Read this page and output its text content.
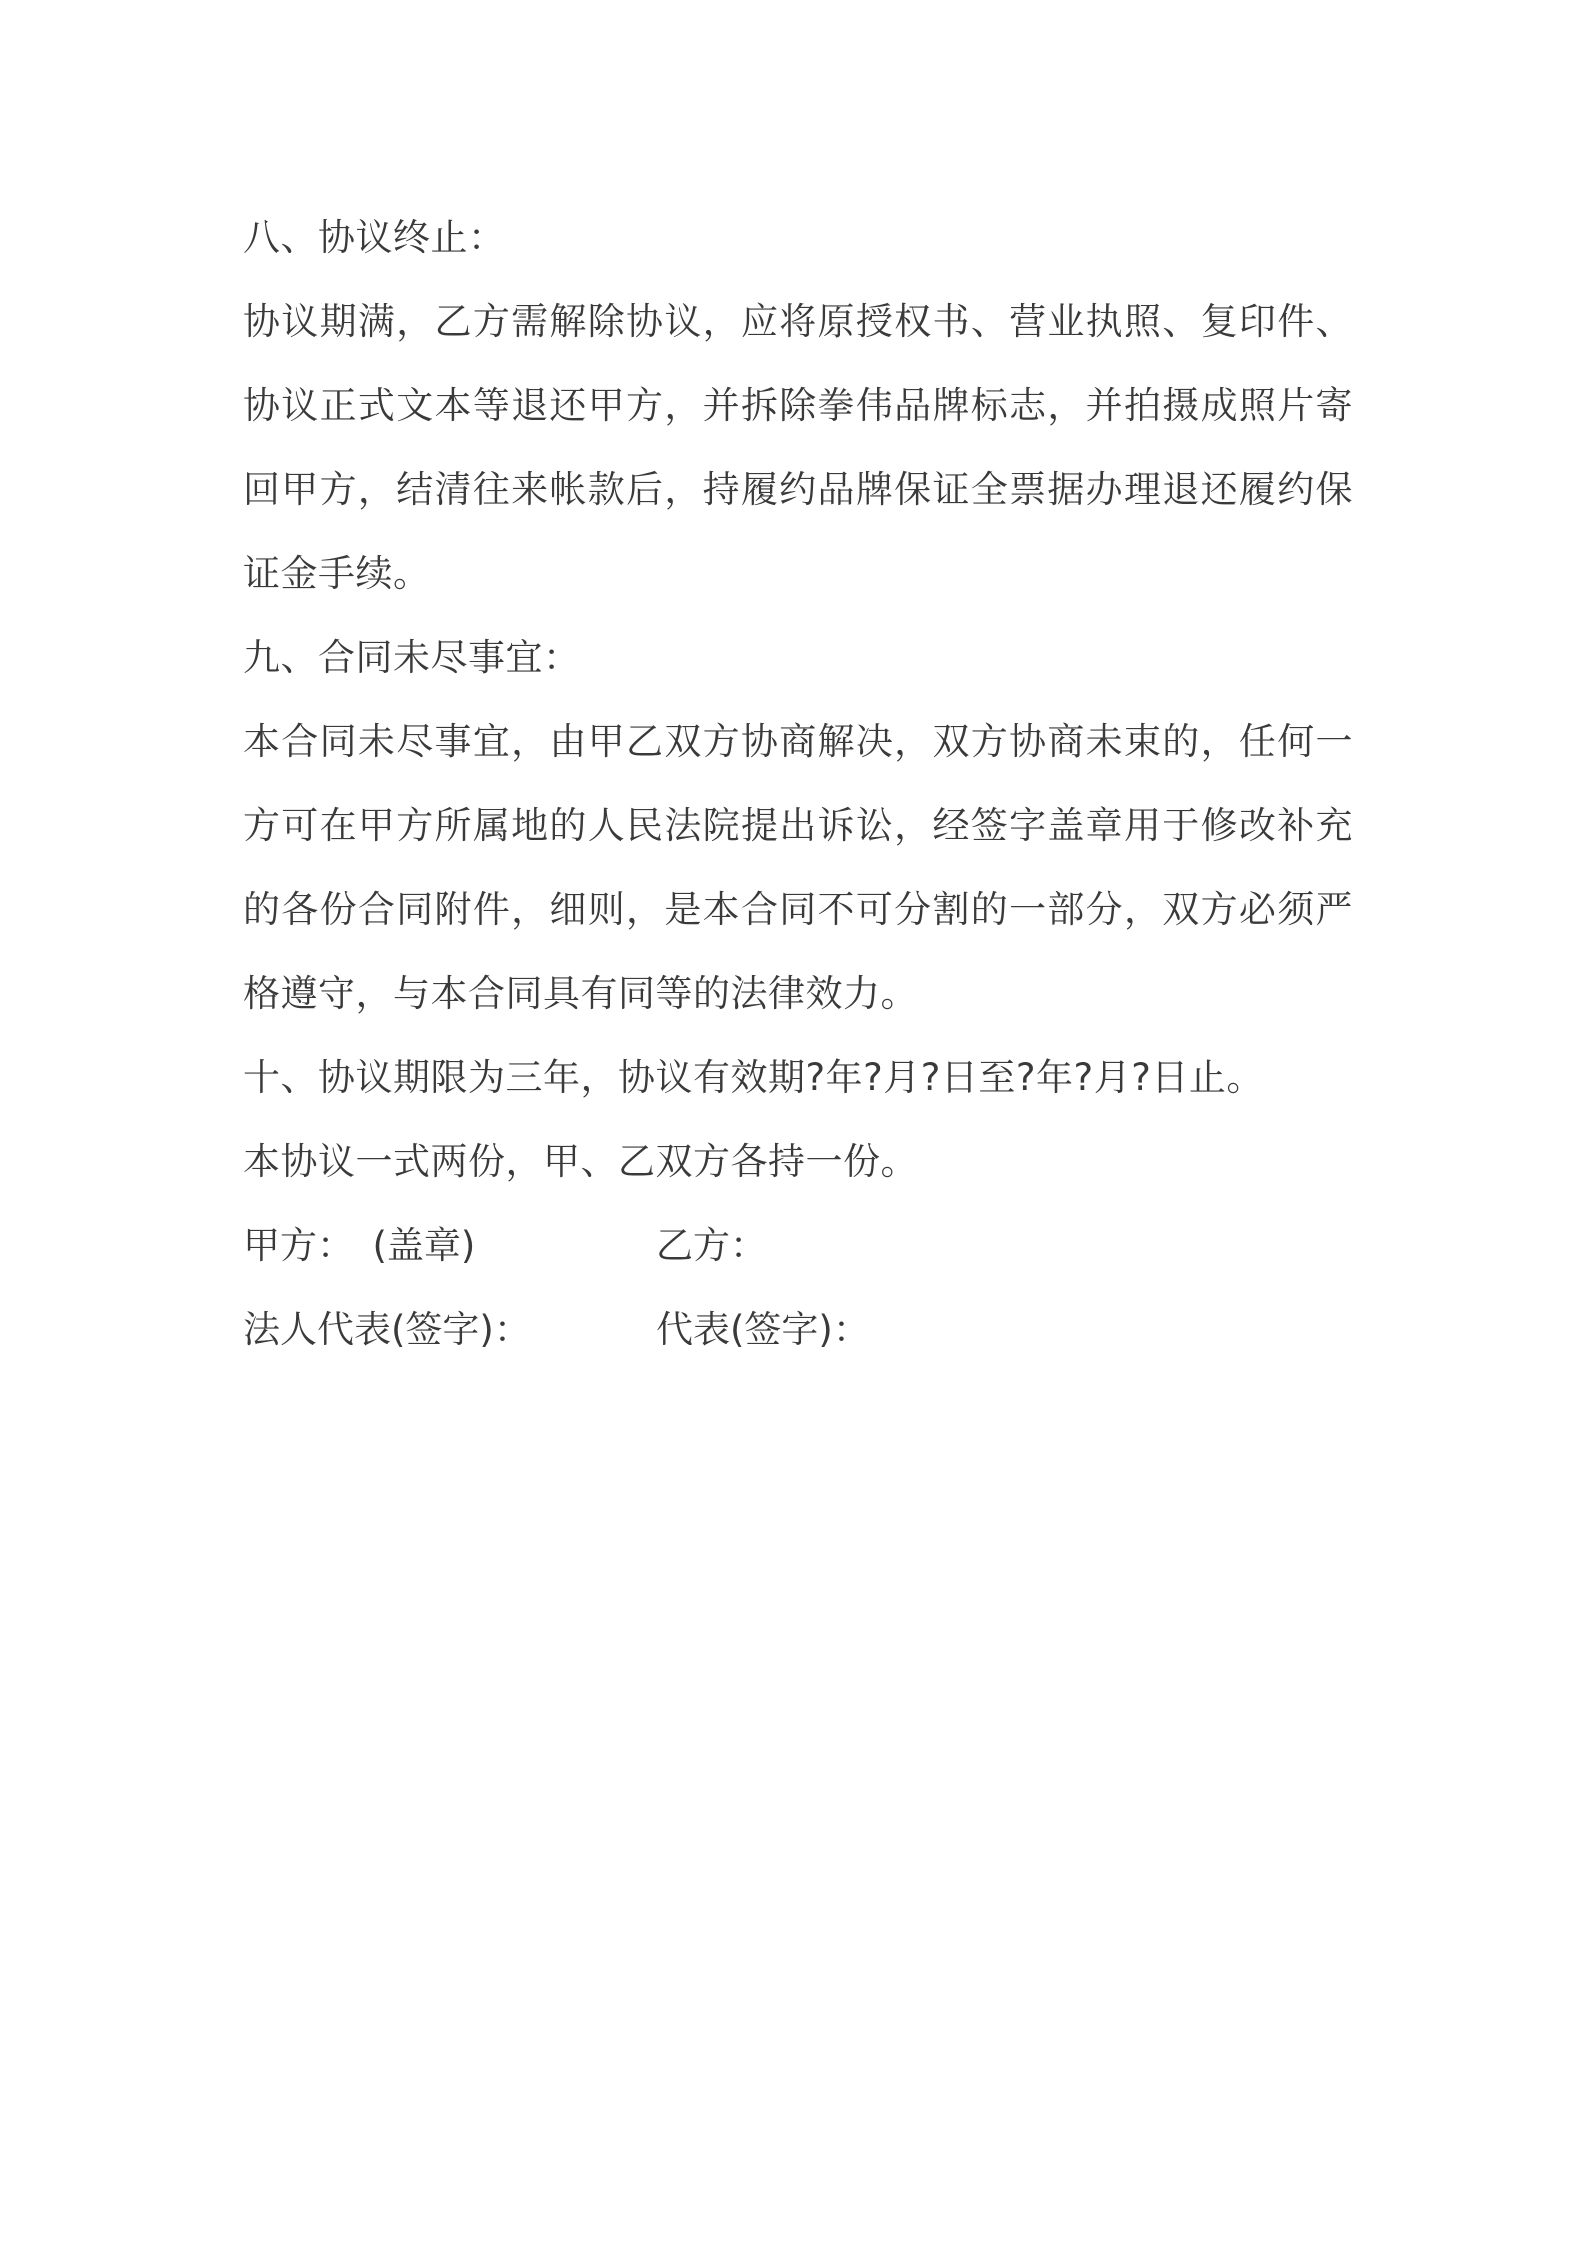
八、协议终止：
协议期满，乙方需解除协议，应将原授权书、营业执照、复印件、协议正式文本等退还甲方，并拆除拳伟品牌标志，并拍摄成照片寄回甲方，结清往来帐款后，持履约品牌保证全票据办理退还履约保证金手续。
九、合同未尽事宜：
本合同未尽事宜，由甲乙双方协商解决，双方协商未束的，任何一方可在甲方所属地的人民法院提出诉讼，经签字盖章用于修改补充的各份合同附件，细则，是本合同不可分割的一部分，双方必须严格遵守，与本合同具有同等的法律效力。
十、协议期限为三年，协议有效期?年?月?日至?年?月?日止。
本协议一式两份，甲、乙双方各持一份。
甲方：　(盖章)	乙方：
法人代表(签字)：	代表(签字)：
